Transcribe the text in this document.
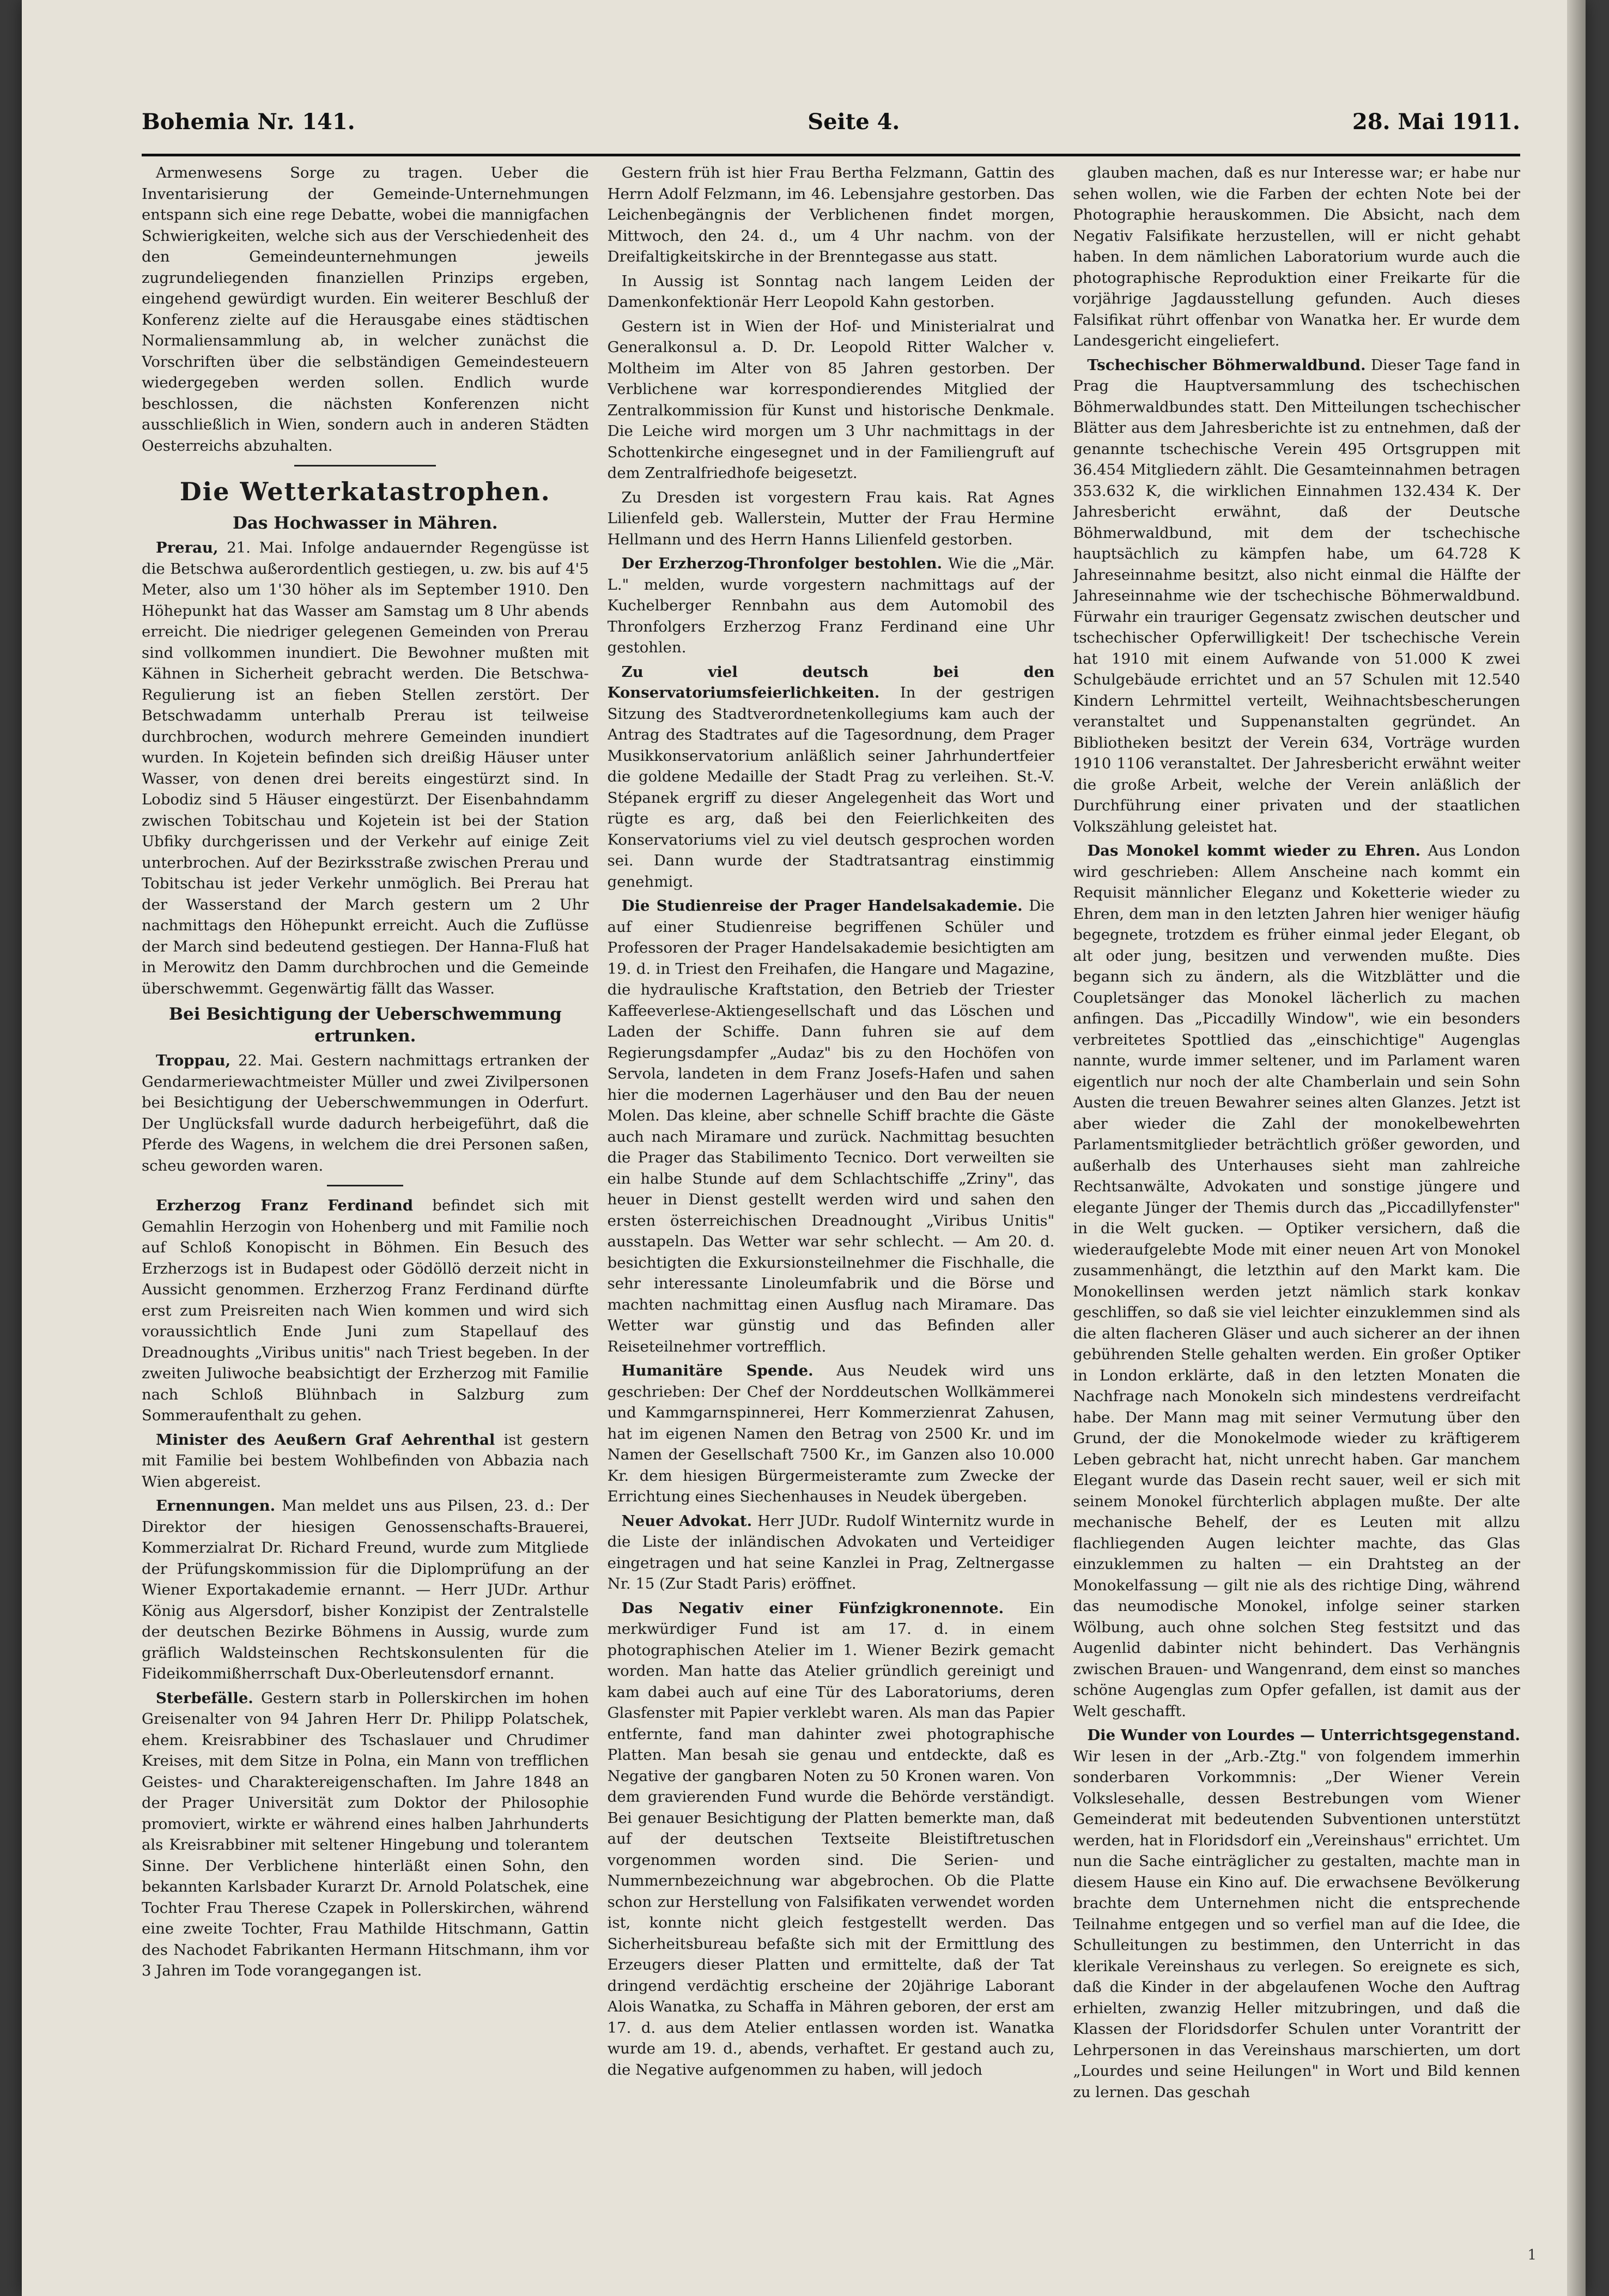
Bohemia Nr. 141.	Seite 4.	28. Mai 1911.

Armenwesens Sorge zu tragen. Ueber die Inventarisierung der Gemeinde-Unternehmungen entspann sich eine rege Debatte, wobei die mannigfachen Schwierigkeiten, welche sich aus der Verschiedenheit des den Gemeindeunternehmungen jeweils zugrundeliegenden finanziellen Prinzips ergeben, eingehend gewürdigt wurden. Ein weiterer Beschluß der Konferenz zielte auf die Herausgabe eines städtischen Normaliensammlung ab, in welcher zunächst die Vorschriften über die selbständigen Gemeindesteuern wiedergegeben werden sollen. Endlich wurde beschlossen, die nächsten Konferenzen nicht ausschließlich in Wien, sondern auch in anderen Städten Oesterreichs abzuhalten.

Die Wetterkatastrophen.
Das Hochwasser in Mähren.

Prerau, 21. Mai. Infolge andauernder Regengüsse ist die Betschwa außerordentlich gestiegen, u. zw. bis auf 4'5 Meter, also um 1'30 höher als im September 1910. Den Höhepunkt hat das Wasser am Samstag um 8 Uhr abends erreicht. Die niedriger gelegenen Gemeinden von Prerau sind vollkommen inundiert. Die Bewohner mußten mit Kähnen in Sicherheit gebracht werden. Die Betschwa-Regulierung ist an fieben Stellen zerstört. Der Betschwadamm unterhalb Prerau ist teilweise durchbrochen, wodurch mehrere Gemeinden inundiert wurden. In Kojetein befinden sich dreißig Häuser unter Wasser, von denen drei bereits eingestürzt sind. In Lobodiz sind 5 Häuser eingestürzt. Der Eisenbahndamm zwischen Tobitschau und Kojetein ist bei der Station Ubfiky durchgerissen und der Verkehr auf einige Zeit unterbrochen. Auf der Bezirksstraße zwischen Prerau und Tobitschau ist jeder Verkehr unmöglich. Bei Prerau hat der Wasserstand der March gestern um 2 Uhr nachmittags den Höhepunkt erreicht. Auch die Zuflüsse der March sind bedeutend gestiegen. Der Hanna-Fluß hat in Merowitz den Damm durchbrochen und die Gemeinde überschwemmt. Gegenwärtig fällt das Wasser.

Bei Besichtigung der Ueberschwemmung ertrunken.

Troppau, 22. Mai. Gestern nachmittags ertranken der Gendarmeriewachtmeister Müller und zwei Zivilpersonen bei Besichtigung der Ueberschwemmungen in Oderfurt. Der Unglücksfall wurde dadurch herbeigeführt, daß die Pferde des Wagens, in welchem die drei Personen saßen, scheu geworden waren.

Erzherzog Franz Ferdinand befindet sich mit Gemahlin Herzogin von Hohenberg und mit Familie noch auf Schloß Konopischt in Böhmen. Ein Besuch des Erzherzogs ist in Budapest oder Gödöllö derzeit nicht in Aussicht genommen. Erzherzog Franz Ferdinand dürfte erst zum Preisreiten nach Wien kommen und wird sich voraussichtlich Ende Juni zum Stapellauf des Dreadnoughts „Viribus unitis" nach Triest begeben. In der zweiten Juliwoche beabsichtigt der Erzherzog mit Familie nach Schloß Blühnbach in Salzburg zum Sommeraufenthalt zu gehen.

Minister des Aeußern Graf Aehrenthal ist gestern mit Familie bei bestem Wohlbefinden von Abbazia nach Wien abgereist.

Ernennungen. Man meldet uns aus Pilsen, 23. d.: Der Direktor der hiesigen Genossenschafts-Brauerei, Kommerzialrat Dr. Richard Freund, wurde zum Mitgliede der Prüfungskommission für die Diplomprüfung an der Wiener Exportakademie ernannt. — Herr JUDr. Arthur König aus Algersdorf, bisher Konzipist der Zentralstelle der deutschen Bezirke Böhmens in Aussig, wurde zum gräflich Waldsteinschen Rechtskonsulenten für die Fideikommißherrschaft Dux-Oberleutensdorf ernannt.

Sterbefälle. Gestern starb in Pollerskirchen im hohen Greisenalter von 94 Jahren Herr Dr. Philipp Polatschek, ehem. Kreisrabbiner des Tschaslauer und Chrudimer Kreises, mit dem Sitze in Polna, ein Mann von trefflichen Geistes- und Charaktereigenschaften. Im Jahre 1848 an der Prager Universität zum Doktor der Philosophie promoviert, wirkte er während eines halben Jahrhunderts als Kreisrabbiner mit seltener Hingebung und tolerantem Sinne. Der Verblichene hinterläßt einen Sohn, den bekannten Karlsbader Kurarzt Dr. Arnold Polatschek, eine Tochter Frau Therese Czapek in Pollerskirchen, während eine zweite Tochter, Frau Mathilde Hitschmann, Gattin des Nachodet Fabrikanten Hermann Hitschmann, ihm vor 3 Jahren im Tode vorangegangen ist.

Gestern früh ist hier Frau Bertha Felzmann, Gattin des Herrn Adolf Felzmann, im 46. Lebensjahre gestorben. Das Leichenbegängnis der Verblichenen findet morgen, Mittwoch, den 24. d., um 4 Uhr nachm. von der Dreifaltigkeitskirche in der Brenntegasse aus statt.

In Aussig ist Sonntag nach langem Leiden der Damenkonfektionär Herr Leopold Kahn gestorben.

Gestern ist in Wien der Hof- und Ministerialrat und Generalkonsul a. D. Dr. Leopold Ritter Walcher v. Moltheim im Alter von 85 Jahren gestorben. Der Verblichene war korrespondierendes Mitglied der Zentralkommission für Kunst und historische Denkmale. Die Leiche wird morgen um 3 Uhr nachmittags in der Schottenkirche eingesegnet und in der Familiengruft auf dem Zentralfriedhofe beigesetzt.

Zu Dresden ist vorgestern Frau kais. Rat Agnes Lilienfeld geb. Wallerstein, Mutter der Frau Hermine Hellmann und des Herrn Hanns Lilienfeld gestorben.

Der Erzherzog-Thronfolger bestohlen. Wie die „Mär. L." melden, wurde vorgestern nachmittags auf der Kuchelberger Rennbahn aus dem Automobil des Thronfolgers Erzherzog Franz Ferdinand eine Uhr gestohlen.

Zu viel deutsch bei den Konservatoriumsfeierlichkeiten. In der gestrigen Sitzung des Stadtverordnetenkollegiums kam auch der Antrag des Stadtrates auf die Tagesordnung, dem Prager Musikkonservatorium anläßlich seiner Jahrhundertfeier die goldene Medaille der Stadt Prag zu verleihen. St.-V. Stépanek ergriff zu dieser Angelegenheit das Wort und rügte es arg, daß bei den Feierlichkeiten des Konservatoriums viel zu viel deutsch gesprochen worden sei. Dann wurde der Stadtratsantrag einstimmig genehmigt.

Die Studienreise der Prager Handelsakademie. Die auf einer Studienreise begriffenen Schüler und Professoren der Prager Handelsakademie besichtigten am 19. d. in Triest den Freihafen, die Hangare und Magazine, die hydraulische Kraftstation, den Betrieb der Triester Kaffeeverlese-Aktiengesellschaft und das Löschen und Laden der Schiffe. Dann fuhren sie auf dem Regierungsdampfer „Audaz" bis zu den Hochöfen von Servola, landeten in dem Franz Josefs-Hafen und sahen hier die modernen Lagerhäuser und den Bau der neuen Molen. Das kleine, aber schnelle Schiff brachte die Gäste auch nach Miramare und zurück. Nachmittag besuchten die Prager das Stabilimento Tecnico. Dort verweilten sie ein halbe Stunde auf dem Schlachtschiffe „Zriny", das heuer in Dienst gestellt werden wird und sahen den ersten österreichischen Dreadnought „Viribus Unitis" ausstapeln. Das Wetter war sehr schlecht. — Am 20. d. besichtigten die Exkursionsteilnehmer die Fischhalle, die sehr interessante Linoleumfabrik und die Börse und machten nachmittag einen Ausflug nach Miramare. Das Wetter war günstig und das Befinden aller Reiseteilnehmer vortrefflich.

Humanitäre Spende. Aus Neudek wird uns geschrieben: Der Chef der Norddeutschen Wollkämmerei und Kammgarnspinnerei, Herr Kommerzienrat Zahusen, hat im eigenen Namen den Betrag von 2500 Kr. und im Namen der Gesellschaft 7500 Kr., im Ganzen also 10.000 Kr. dem hiesigen Bürgermeisteramte zum Zwecke der Errichtung eines Siechenhauses in Neudek übergeben.

Neuer Advokat. Herr JUDr. Rudolf Winternitz wurde in die Liste der inländischen Advokaten und Verteidiger eingetragen und hat seine Kanzlei in Prag, Zeltnergasse Nr. 15 (Zur Stadt Paris) eröffnet.

Das Negativ einer Fünfzigkronennote. Ein merkwürdiger Fund ist am 17. d. in einem photographischen Atelier im 1. Wiener Bezirk gemacht worden. Man hatte das Atelier gründlich gereinigt und kam dabei auch auf eine Tür des Laboratoriums, deren Glasfenster mit Papier verklebt waren. Als man das Papier entfernte, fand man dahinter zwei photographische Platten. Man besah sie genau und entdeckte, daß es Negative der gangbaren Noten zu 50 Kronen waren. Von dem gravierenden Fund wurde die Behörde verständigt. Bei genauer Besichtigung der Platten bemerkte man, daß auf der deutschen Textseite Bleistiftretuschen vorgenommen worden sind. Die Serien- und Nummernbezeichnung war abgebrochen. Ob die Platte schon zur Herstellung von Falsifikaten verwendet worden ist, konnte nicht gleich festgestellt werden. Das Sicherheitsbureau befaßte sich mit der Ermittlung des Erzeugers dieser Platten und ermittelte, daß der Tat dringend verdächtig erscheine der 20jährige Laborant Alois Wanatka, zu Schaffa in Mähren geboren, der erst am 17. d. aus dem Atelier entlassen worden ist. Wanatka wurde am 19. d., abends, verhaftet. Er gestand auch zu, die Negative aufgenommen zu haben, will jedoch

glauben machen, daß es nur Interesse war; er habe nur sehen wollen, wie die Farben der echten Note bei der Photographie herauskommen. Die Absicht, nach dem Negativ Falsifikate herzustellen, will er nicht gehabt haben. In dem nämlichen Laboratorium wurde auch die photographische Reproduktion einer Freikarte für die vorjährige Jagdausstellung gefunden. Auch dieses Falsifikat rührt offenbar von Wanatka her. Er wurde dem Landesgericht eingeliefert.

Tschechischer Böhmerwaldbund. Dieser Tage fand in Prag die Hauptversammlung des tschechischen Böhmerwaldbundes statt. Den Mitteilungen tschechischer Blätter aus dem Jahresberichte ist zu entnehmen, daß der genannte tschechische Verein 495 Ortsgruppen mit 36.454 Mitgliedern zählt. Die Gesamteinnahmen betragen 353.632 K, die wirklichen Einnahmen 132.434 K. Der Jahresbericht erwähnt, daß der Deutsche Böhmerwaldbund, mit dem der tschechische hauptsächlich zu kämpfen habe, um 64.728 K Jahreseinnahme besitzt, also nicht einmal die Hälfte der Jahreseinnahme wie der tschechische Böhmerwaldbund. Fürwahr ein trauriger Gegensatz zwischen deutscher und tschechischer Opferwilligkeit! Der tschechische Verein hat 1910 mit einem Aufwande von 51.000 K zwei Schulgebäude errichtet und an 57 Schulen mit 12.540 Kindern Lehrmittel verteilt, Weihnachtsbescherungen veranstaltet und Suppenanstalten gegründet. An Bibliotheken besitzt der Verein 634, Vorträge wurden 1910 1106 veranstaltet. Der Jahresbericht erwähnt weiter die große Arbeit, welche der Verein anläßlich der Durchführung einer privaten und der staatlichen Volkszählung geleistet hat.

Das Monokel kommt wieder zu Ehren. Aus London wird geschrieben: Allem Anscheine nach kommt ein Requisit männlicher Eleganz und Koketterie wieder zu Ehren, dem man in den letzten Jahren hier weniger häufig begegnete, trotzdem es früher einmal jeder Elegant, ob alt oder jung, besitzen und verwenden mußte. Dies begann sich zu ändern, als die Witzblätter und die Coupletsänger das Monokel lächerlich zu machen anfingen. Das „Piccadilly Window", wie ein besonders verbreitetes Spottlied das „einschichtige" Augenglas nannte, wurde immer seltener, und im Parlament waren eigentlich nur noch der alte Chamberlain und sein Sohn Austen die treuen Bewahrer seines alten Glanzes. Jetzt ist aber wieder die Zahl der monokelbewehrten Parlamentsmitglieder beträchtlich größer geworden, und außerhalb des Unterhauses sieht man zahlreiche Rechtsanwälte, Advokaten und sonstige jüngere und elegante Jünger der Themis durch das „Piccadillyfenster" in die Welt gucken. — Optiker versichern, daß die wiederaufgelebte Mode mit einer neuen Art von Monokel zusammenhängt, die letzthin auf den Markt kam. Die Monokellinsen werden jetzt nämlich stark konkav geschliffen, so daß sie viel leichter einzuklemmen sind als die alten flacheren Gläser und auch sicherer an der ihnen gebührenden Stelle gehalten werden. Ein großer Optiker in London erklärte, daß in den letzten Monaten die Nachfrage nach Monokeln sich mindestens verdreifacht habe. Der Mann mag mit seiner Vermutung über den Grund, der die Monokelmode wieder zu kräftigerem Leben gebracht hat, nicht unrecht haben. Gar manchem Elegant wurde das Dasein recht sauer, weil er sich mit seinem Monokel fürchterlich abplagen mußte. Der alte mechanische Behelf, der es Leuten mit allzu flachliegenden Augen leichter machte, das Glas einzuklemmen zu halten — ein Drahtsteg an der Monokelfassung — gilt nie als des richtige Ding, während das neumodische Monokel, infolge seiner starken Wölbung, auch ohne solchen Steg festsitzt und das Augenlid dabinter nicht behindert. Das Verhängnis zwischen Brauen- und Wangenrand, dem einst so manches schöne Augenglas zum Opfer gefallen, ist damit aus der Welt geschafft.

Die Wunder von Lourdes — Unterrichtsgegenstand. Wir lesen in der „Arb.-Ztg." von folgendem immerhin sonderbaren Vorkommnis: „Der Wiener Verein Volkslesehalle, dessen Bestrebungen vom Wiener Gemeinderat mit bedeutenden Subventionen unterstützt werden, hat in Floridsdorf ein „Vereinshaus" errichtet. Um nun die Sache einträglicher zu gestalten, machte man in diesem Hause ein Kino auf. Die erwachsene Bevölkerung brachte dem Unternehmen nicht die entsprechende Teilnahme entgegen und so verfiel man auf die Idee, die Schulleitungen zu bestimmen, den Unterricht in das klerikale Vereinshaus zu verlegen. So ereignete es sich, daß die Kinder in der abgelaufenen Woche den Auftrag erhielten, zwanzig Heller mitzubringen, und daß die Klassen der Floridsdorfer Schulen unter Vorantritt der Lehrpersonen in das Vereinshaus marschierten, um dort „Lourdes und seine Heilungen" in Wort und Bild kennen zu lernen. Das geschah

1
